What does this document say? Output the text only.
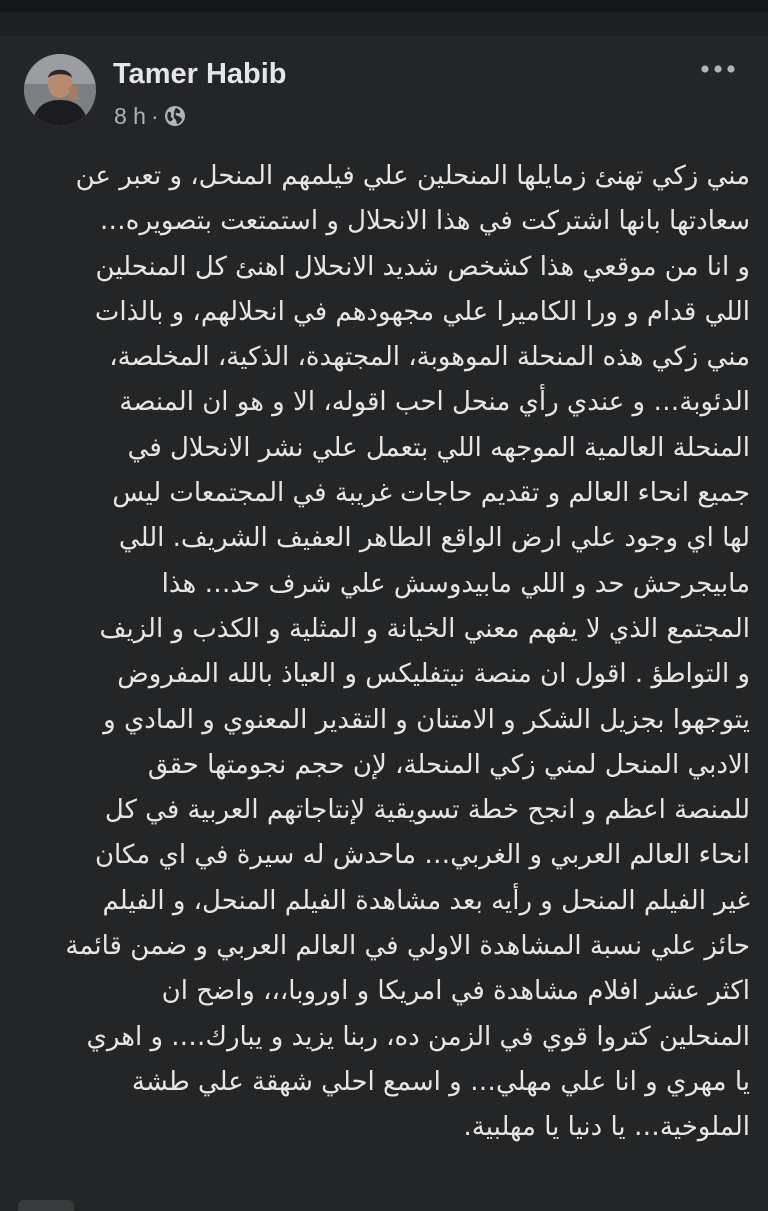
Tamer Habib
8 h ·
مني زكي تهنئ زمايلها المنحلين علي فيلمهم المنحل، و تعبر عن
سعادتها بانها اشتركت في هذا الانحلال و استمتعت بتصويره…
و انا من موقعي هذا كشخص شديد الانحلال اهنئ كل المنحلين
اللي قدام و ورا الكاميرا علي مجهودهم في انحلالهم، و بالذات
مني زكي هذه المنحلة الموهوبة، المجتهدة، الذكية، المخلصة،
الدئوبة… و عندي رأي منحل احب اقوله، الا و هو ان المنصة
المنحلة العالمية الموجهه اللي بتعمل علي نشر الانحلال في
جميع انحاء العالم و تقديم حاجات غريبة في المجتمعات ليس
لها اي وجود علي ارض الواقع الطاهر العفيف الشريف. اللي
مابيجرحش حد و اللي مابيدوسش علي شرف حد… هذا
المجتمع الذي لا يفهم معني الخيانة و المثلية و الكذب و الزيف
و التواطؤ . اقول ان منصة نيتفليكس و العياذ بالله المفروض
يتوجهوا بجزيل الشكر و الامتنان و التقدير المعنوي و المادي و
الادبي المنحل لمني زكي المنحلة، لإن حجم نجومتها حقق
للمنصة اعظم و انجح خطة تسويقية لإنتاجاتهم العربية في كل
انحاء العالم العربي و الغربي… ماحدش له سيرة في اي مكان
غير الفيلم المنحل و رأيه بعد مشاهدة الفيلم المنحل، و الفيلم
حائز علي نسبة المشاهدة الاولي في العالم العربي و ضمن قائمة
اكثر عشر افلام مشاهدة في امريكا و اوروبا،،، واضح ان
المنحلين كتروا قوي في الزمن ده، ربنا يزيد و يبارك…. و اهري
يا مهري و انا علي مهلي… و اسمع احلي شهقة علي طشة
الملوخية… يا دنيا يا مهلبية.
